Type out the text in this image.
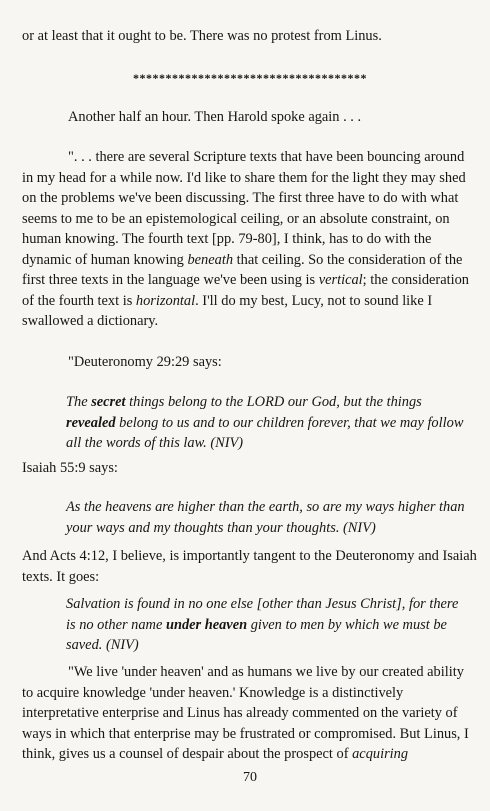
or at least that it ought to be. There was no protest from Linus.

************************************

Another half an hour. Then Harold spoke again . . .

". . . there are several Scripture texts that have been bouncing around in my head for a while now. I'd like to share them for the light they may shed on the problems we've been discussing. The first three have to do with what seems to me to be an epistemological ceiling, or an absolute constraint, on human knowing. The fourth text [pp. 79-80], I think, has to do with the dynamic of human knowing beneath that ceiling. So the consideration of the first three texts in the language we've been using is vertical; the consideration of the fourth text is horizontal. I'll do my best, Lucy, not to sound like I swallowed a dictionary.

"Deuteronomy 29:29 says:

The secret things belong to the LORD our God, but the things revealed belong to us and to our children forever, that we may follow all the words of this law. (NIV)

Isaiah 55:9 says:

As the heavens are higher than the earth, so are my ways higher than your ways and my thoughts than your thoughts. (NIV)

And Acts 4:12, I believe, is importantly tangent to the Deuteronomy and Isaiah texts. It goes:

Salvation is found in no one else [other than Jesus Christ], for there is no other name under heaven given to men by which we must be saved. (NIV)

"We live 'under heaven' and as humans we live by our created ability to acquire knowledge 'under heaven.' Knowledge is a distinctively interpretative enterprise and Linus has already commented on the variety of ways in which that enterprise may be frustrated or compromised. But Linus, I think, gives us a counsel of despair about the prospect of acquiring

70
